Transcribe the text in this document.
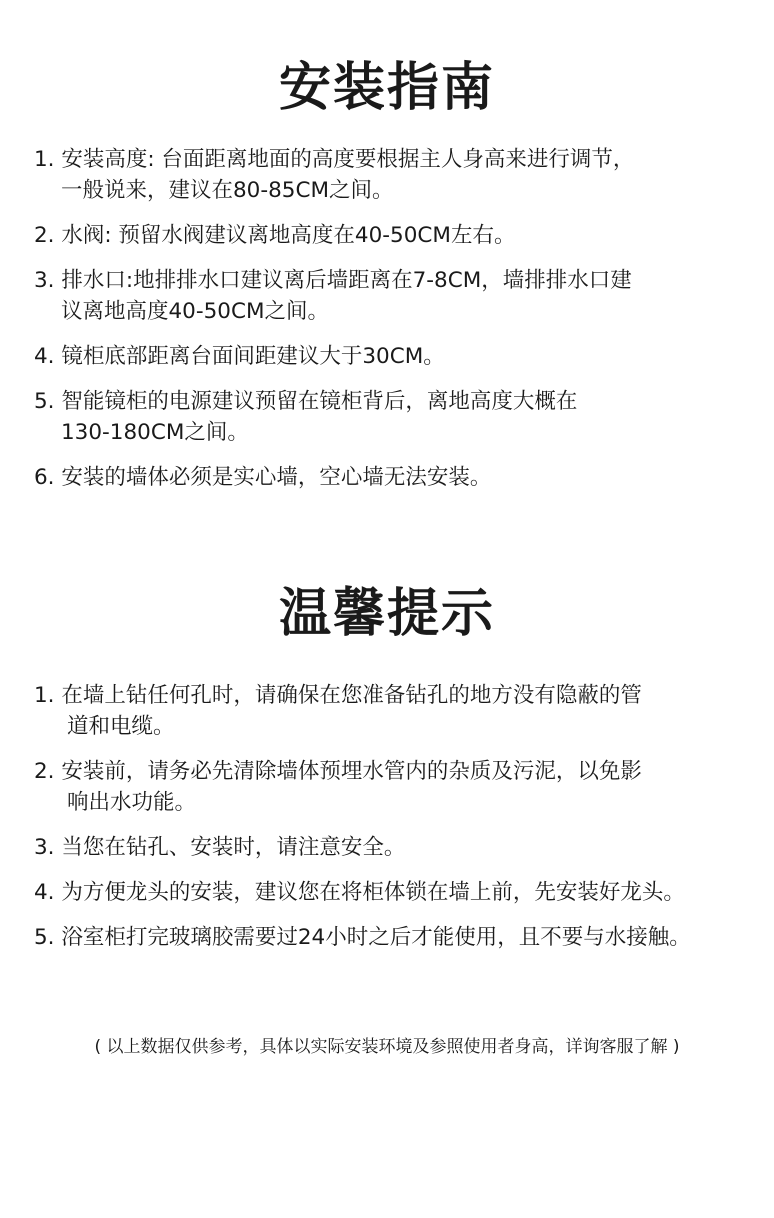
安装指南
1. 安装高度: 台面距离地面的高度要根据主人身高来进行调节，
一般说来，建议在80-85CM之间。
2. 水阀: 预留水阀建议离地高度在40-50CM左右。
3. 排水口:地排排水口建议离后墙距离在7-8CM，墙排排水口建
议离地高度40-50CM之间。
4. 镜柜底部距离台面间距建议大于30CM。
5. 智能镜柜的电源建议预留在镜柜背后，离地高度大概在
130-180CM之间。
6. 安装的墙体必须是实心墙，空心墙无法安装。
温馨提示
1. 在墙上钻任何孔时，请确保在您准备钻孔的地方没有隐蔽的管
道和电缆。
2. 安装前，请务必先清除墙体预埋水管内的杂质及污泥，以免影
响出水功能。
3. 当您在钻孔、安装时，请注意安全。
4. 为方便龙头的安装，建议您在将柜体锁在墙上前，先安装好龙头。
5. 浴室柜打完玻璃胶需要过24小时之后才能使用，且不要与水接触。

( 以上数据仅供参考，具体以实际安装环境及参照使用者身高，详询客服了解 )
